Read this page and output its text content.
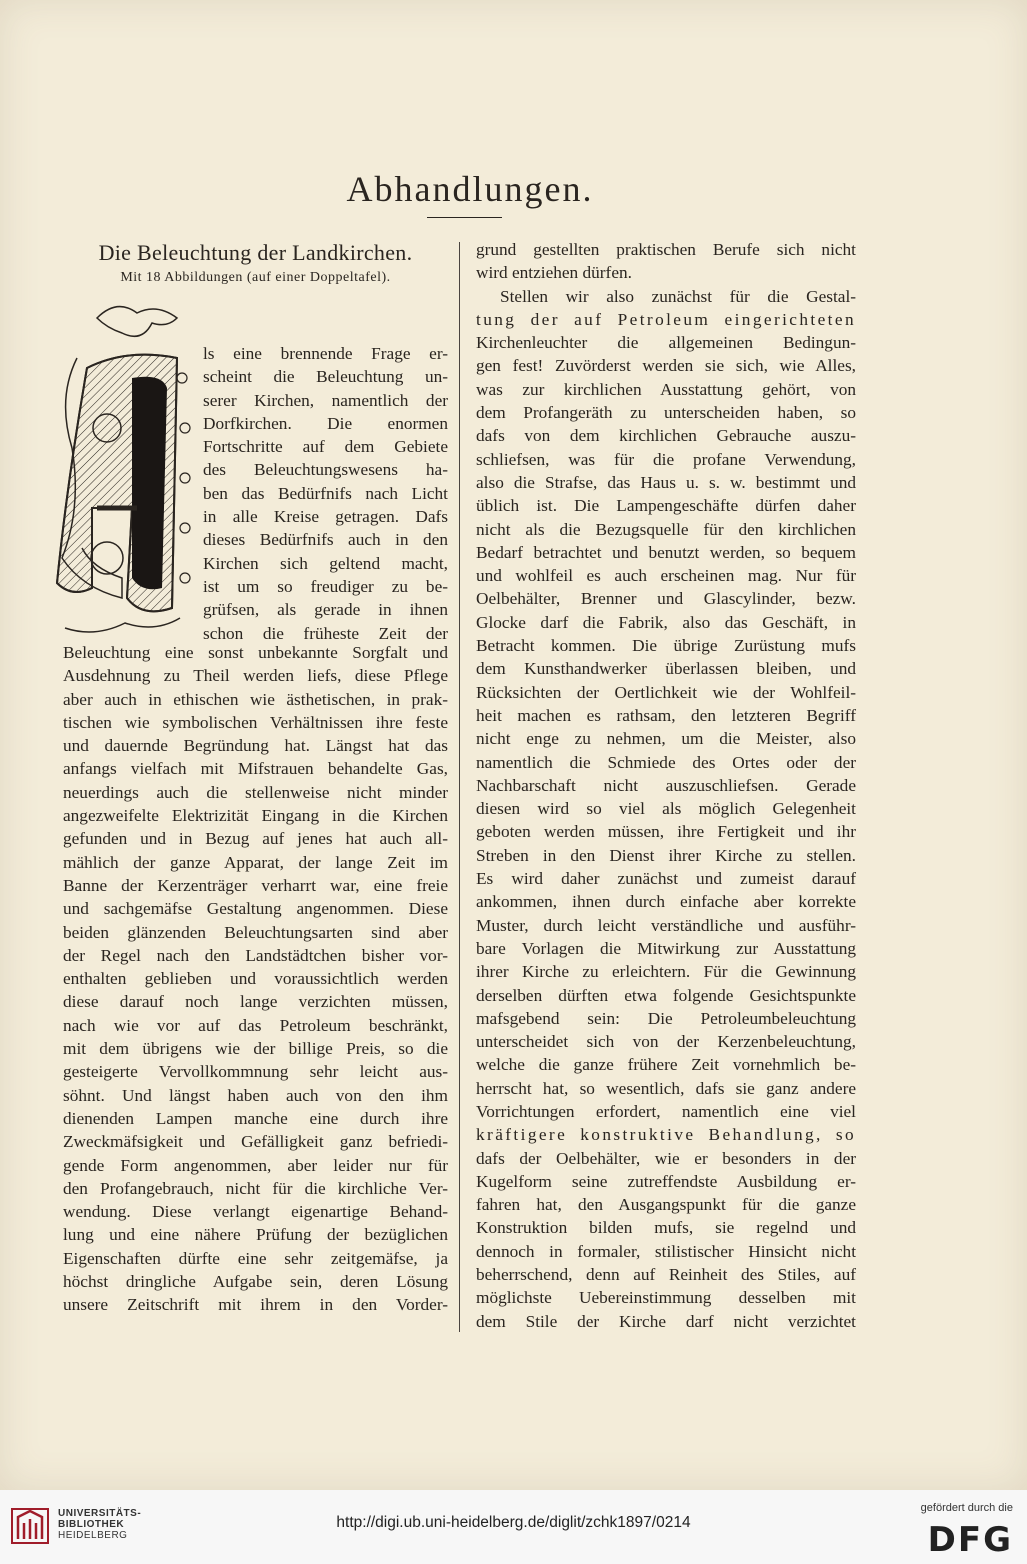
Abhandlungen.
Die Beleuchtung der Landkirchen.
Mit 18 Abbildungen (auf einer Doppeltafel).
ls eine brennende Frage er-
scheint die Beleuchtung un-
serer Kirchen, namentlich der
Dorfkirchen. Die enormen
Fortschritte auf dem Gebiete
des Beleuchtungswesens ha-
ben das Bedürfnifs nach Licht
in alle Kreise getragen. Dafs
dieses Bedürfnifs auch in den
Kirchen sich geltend macht,
ist um so freudiger zu be-
grüfsen, als gerade in ihnen
schon die früheste Zeit der
Beleuchtung eine sonst unbekannte Sorgfalt und
Ausdehnung zu Theil werden liefs, diese Pflege
aber auch in ethischen wie ästhetischen, in prak-
tischen wie symbolischen Verhältnissen ihre feste
und dauernde Begründung hat. Längst hat das
anfangs vielfach mit Mifstrauen behandelte Gas,
neuerdings auch die stellenweise nicht minder
angezweifelte Elektrizität Eingang in die Kirchen
gefunden und in Bezug auf jenes hat auch all-
mählich der ganze Apparat, der lange Zeit im
Banne der Kerzenträger verharrt war, eine freie
und sachgemäfse Gestaltung angenommen. Diese
beiden glänzenden Beleuchtungsarten sind aber
der Regel nach den Landstädtchen bisher vor-
enthalten geblieben und voraussichtlich werden
diese darauf noch lange verzichten müssen,
nach wie vor auf das Petroleum beschränkt,
mit dem übrigens wie der billige Preis, so die
gesteigerte Vervollkommnung sehr leicht aus-
söhnt. Und längst haben auch von den ihm
dienenden Lampen manche eine durch ihre
Zweckmäfsigkeit und Gefälligkeit ganz befriedi-
gende Form angenommen, aber leider nur für
den Profangebrauch, nicht für die kirchliche Ver-
wendung. Diese verlangt eigenartige Behand-
lung und eine nähere Prüfung der bezüglichen
Eigenschaften dürfte eine sehr zeitgemäfse, ja
höchst dringliche Aufgabe sein, deren Lösung
unsere Zeitschrift mit ihrem in den Vorder-
grund gestellten praktischen Berufe sich nicht
wird entziehen dürfen.
Stellen wir also zunächst für die Gestal-
tung der auf Petroleum eingerichteten
Kirchenleuchter die allgemeinen Bedingun-
gen fest! Zuvörderst werden sie sich, wie Alles,
was zur kirchlichen Ausstattung gehört, von
dem Profangeräth zu unterscheiden haben, so
dafs von dem kirchlichen Gebrauche auszu-
schliefsen, was für die profane Verwendung,
also die Strafse, das Haus u. s. w. bestimmt und
üblich ist. Die Lampengeschäfte dürfen daher
nicht als die Bezugsquelle für den kirchlichen
Bedarf betrachtet und benutzt werden, so bequem
und wohlfeil es auch erscheinen mag. Nur für
Oelbehälter, Brenner und Glascylinder, bezw.
Glocke darf die Fabrik, also das Geschäft, in
Betracht kommen. Die übrige Zurüstung mufs
dem Kunsthandwerker überlassen bleiben, und
Rücksichten der Oertlichkeit wie der Wohlfeil-
heit machen es rathsam, den letzteren Begriff
nicht enge zu nehmen, um die Meister, also
namentlich die Schmiede des Ortes oder der
Nachbarschaft nicht auszuschliefsen. Gerade
diesen wird so viel als möglich Gelegenheit
geboten werden müssen, ihre Fertigkeit und ihr
Streben in den Dienst ihrer Kirche zu stellen.
Es wird daher zunächst und zumeist darauf
ankommen, ihnen durch einfache aber korrekte
Muster, durch leicht verständliche und ausführ-
bare Vorlagen die Mitwirkung zur Ausstattung
ihrer Kirche zu erleichtern. Für die Gewinnung
derselben dürften etwa folgende Gesichtspunkte
mafsgebend sein: Die Petroleumbeleuchtung
unterscheidet sich von der Kerzenbeleuchtung,
welche die ganze frühere Zeit vornehmlich be-
herrscht hat, so wesentlich, dafs sie ganz andere
Vorrichtungen erfordert, namentlich eine viel
kräftigere konstruktive Behandlung, so
dafs der Oelbehälter, wie er besonders in der
Kugelform seine zutreffendste Ausbildung er-
fahren hat, den Ausgangspunkt für die ganze
Konstruktion bilden mufs, sie regelnd und
dennoch in formaler, stilistischer Hinsicht nicht
beherrschend, denn auf Reinheit des Stiles, auf
möglichste Uebereinstimmung desselben mit
dem Stile der Kirche darf nicht verzichtet
UNIVERSITÄTS-
BIBLIOTHEK
HEIDELBERG
http://digi.ub.uni-heidelberg.de/diglit/zchk1897/0214
gefördert durch die
DFG
